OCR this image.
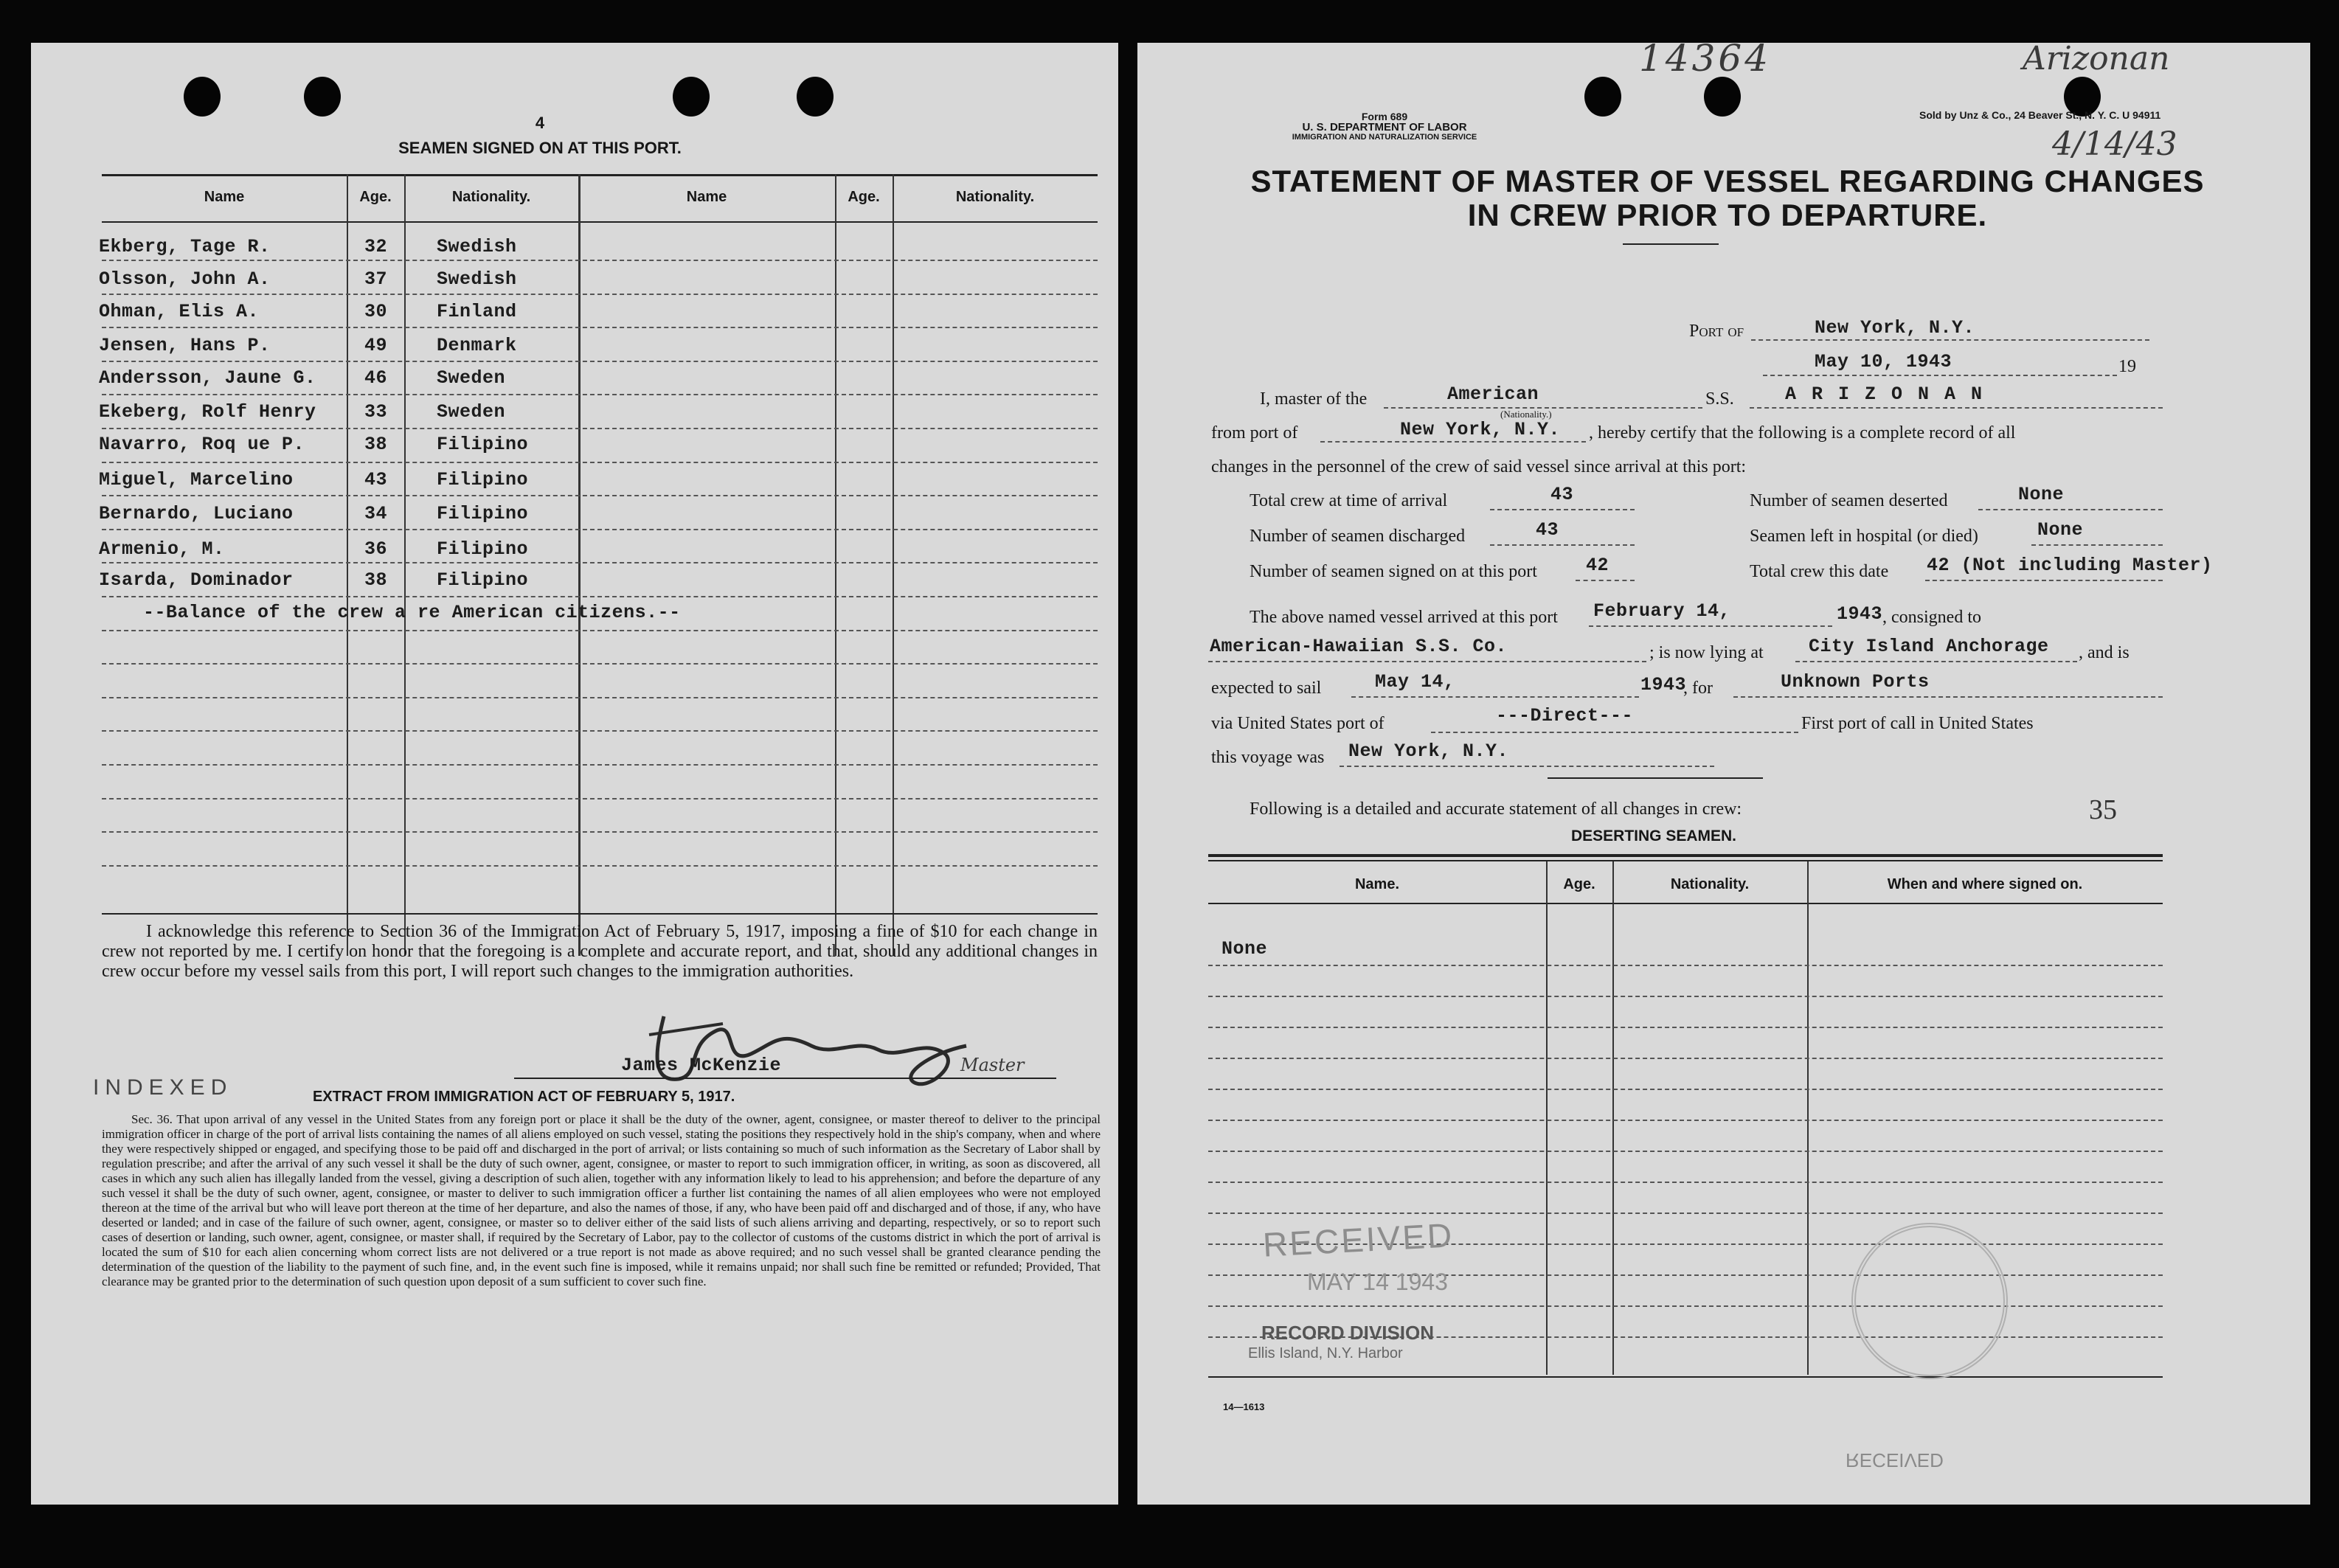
4
SEAMEN SIGNED ON AT THIS PORT.
Name	Age.	Nationality.	Name	Age.	Nationality.
Ekberg, Tage R.	32	Swedish
Olsson, John A.	37	Swedish
Ohman, Elis A.	30	Finland
Jensen, Hans P.	49	Denmark
Andersson, Jaune G.	46	Sweden
Ekeberg, Rolf Henry	33	Sweden
Navarro, Roq ue P.	38	Filipino
Miguel, Marcelino	43	Filipino
Bernardo, Luciano	34	Filipino
Armenio, M.	36	Filipino
Isarda, Dominador	38	Filipino
--Balance of the crew a re American citizens.--
I acknowledge this reference to Section 36 of the Immigration Act of February 5, 1917, imposing a fine of $10 for each change in crew not reported by me. I certify on honor that the foregoing is a complete and accurate report, and that, should any additional changes in crew occur before my vessel sails from this port, I will report such changes to the immigration authorities.
James McKenzie	Master
INDEXED	EXTRACT FROM IMMIGRATION ACT OF FEBRUARY 5, 1917.
Sec. 36. That upon arrival of any vessel in the United States from any foreign port or place it shall be the duty of the owner, agent, consignee, or master thereof to deliver to the principal immigration officer in charge of the port of arrival lists containing the names of all aliens employed on such vessel, stating the positions they respectively hold in the ship's company, when and where they were respectively shipped or engaged, and specifying those to be paid off and discharged in the port of arrival; or lists containing so much of such information as the Secretary of Labor shall by regulation prescribe; and after the arrival of any such vessel it shall be the duty of such owner, agent, consignee, or master to report to such immigration officer, in writing, as soon as discovered, all cases in which any such alien has illegally landed from the vessel, giving a description of such alien, together with any information likely to lead to his apprehension; and before the departure of any such vessel it shall be the duty of such owner, agent, consignee, or master to deliver to such immigration officer a further list containing the names of all alien employees who were not employed thereon at the time of the arrival but who will leave port thereon at the time of her departure, and also the names of those, if any, who have been paid off and discharged and of those, if any, who have deserted or landed; and in case of the failure of such owner, agent, consignee, or master so to deliver either of the said lists of such aliens arriving and departing, respectively, or so to report such cases of desertion or landing, such owner, agent, consignee, or master shall, if required by the Secretary of Labor, pay to the collector of customs of the customs district in which the port of arrival is located the sum of $10 for each alien concerning whom correct lists are not delivered or a true report is not made as above required; and no such vessel shall be granted clearance pending the determination of the question of the liability to the payment of such fine, and, in the event such fine is imposed, while it remains unpaid; nor shall such fine be remitted or refunded; Provided, That clearance may be granted prior to the determination of such question upon deposit of a sum sufficient to cover such fine.
14364	Arizonan
4/14/43
Form 689
U. S. DEPARTMENT OF LABOR
IMMIGRATION AND NATURALIZATION SERVICE
Sold by Unz & Co., 24 Beaver St., N. Y. C. U 94911
STATEMENT OF MASTER OF VESSEL REGARDING CHANGES
IN CREW PRIOR TO DEPARTURE.
Port of	New York, N.Y.
May 10, 1943	19
I, master of the	American
(Nationality.)
S.S.	A R I Z O N A N
from port of	New York, N.Y. , hereby certify that the following is a complete record of all
changes in the personnel of the crew of said vessel since arrival at this port:
Total crew at time of arrival	43	Number of seamen deserted	None
Number of seamen discharged	43	Seamen left in hospital (or died)	None
Number of seamen signed on at this port	42	Total crew this date 42 (Not including Master)
The above named vessel arrived at this port February 14,	1943 , consigned to
American-Hawaiian S.S. Co.	; is now lying at City Island Anchorage , and is
expected to sail	May 14,	1943
, for	Unknown Ports
via United States port of	---Direct---	First port of call in United States
this voyage was New York, N.Y.
Following is a detailed and accurate statement of all changes in crew:	35
DESERTING SEAMEN.
Name.	Age.	Nationality.	When and where signed on.
None
RECEIVED
MAY 14 1943
RECORD DIVISION
Ellis Island, N.Y. Harbor
14—1613
RECEIVED
